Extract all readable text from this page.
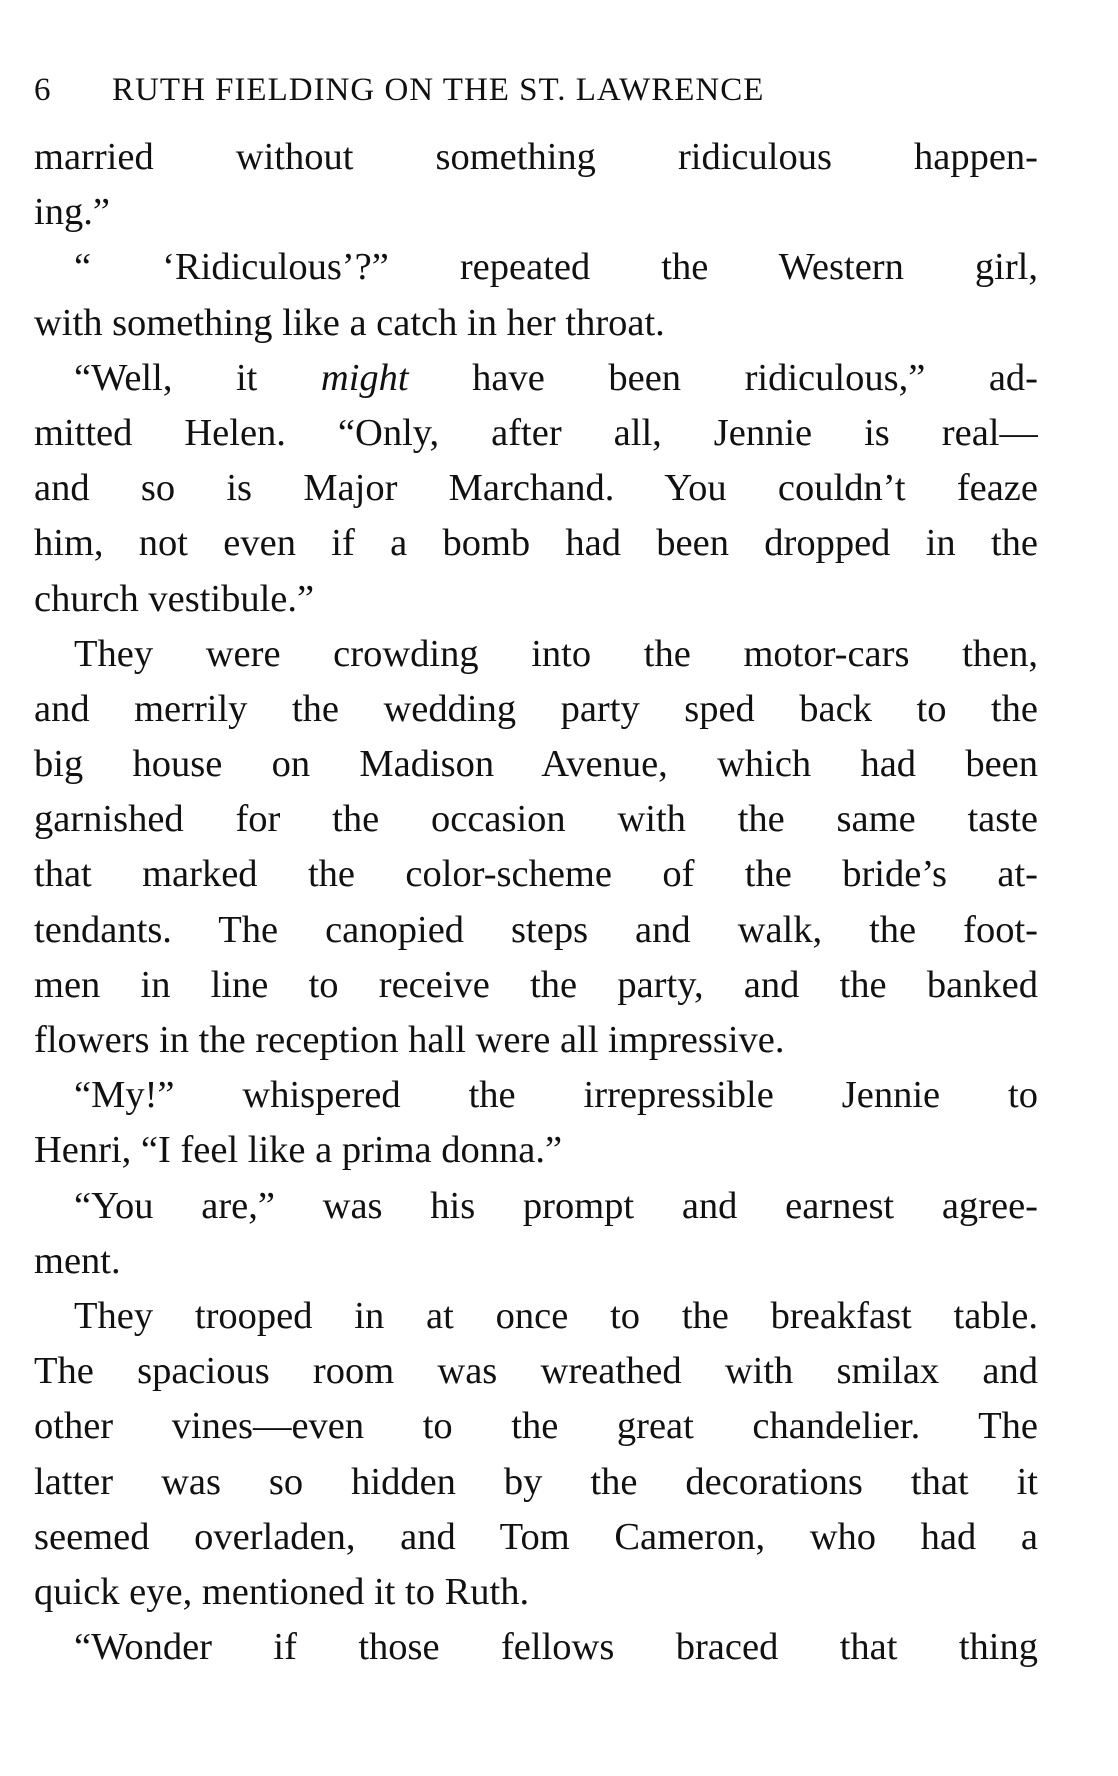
6	RUTH FIELDING ON THE ST. LAWRENCE
married without something ridiculous happen-
ing.”
“ ‘Ridiculous’?” repeated the Western girl,
with something like a catch in her throat.
“Well, it might have been ridiculous,” ad-
mitted Helen. “Only, after all, Jennie is real—
and so is Major Marchand. You couldn’t feaze
him, not even if a bomb had been dropped in the
church vestibule.”
They were crowding into the motor-cars then,
and merrily the wedding party sped back to the
big house on Madison Avenue, which had been
garnished for the occasion with the same taste
that marked the color-scheme of the bride’s at-
tendants. The canopied steps and walk, the foot-
men in line to receive the party, and the banked
flowers in the reception hall were all impressive.
“My!” whispered the irrepressible Jennie to
Henri, “I feel like a prima donna.”
“You are,” was his prompt and earnest agree-
ment.
They trooped in at once to the breakfast table.
The spacious room was wreathed with smilax and
other vines—even to the great chandelier. The
latter was so hidden by the decorations that it
seemed overladen, and Tom Cameron, who had a
quick eye, mentioned it to Ruth.
“Wonder if those fellows braced that thing
